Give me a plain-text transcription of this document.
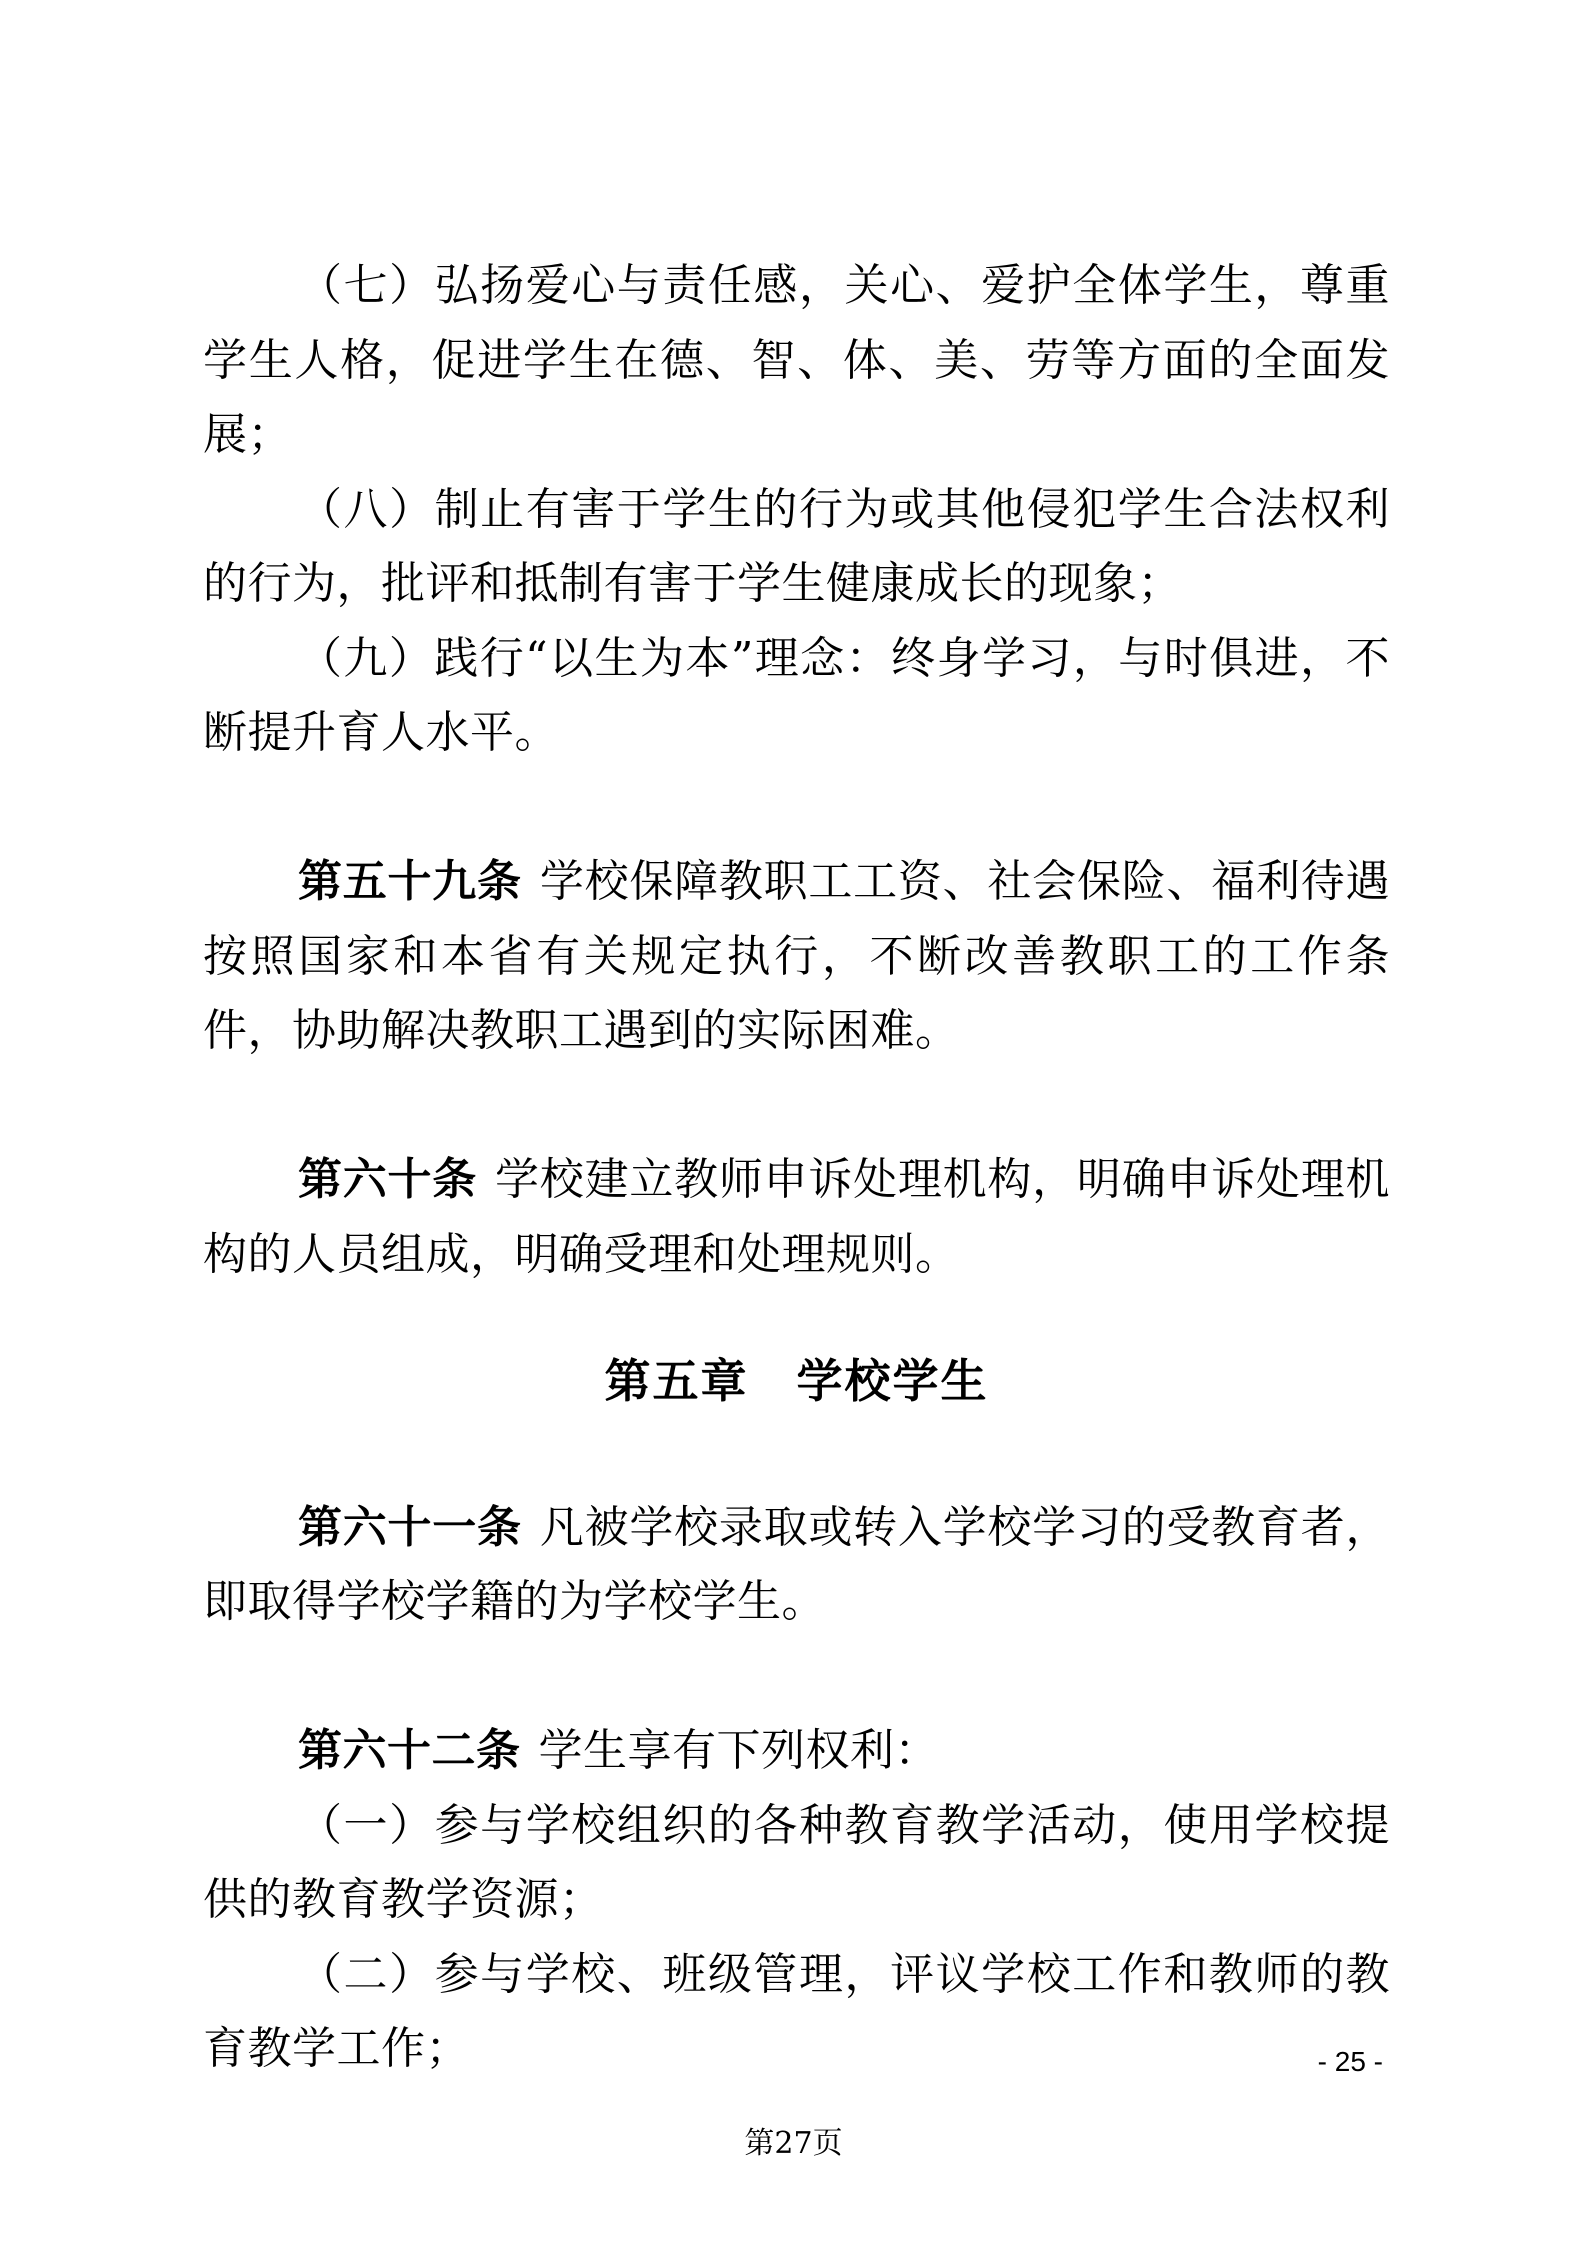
（七）弘扬爱心与责任感，关心、爱护全体学生，尊重学生人格，促进学生在德、智、体、美、劳等方面的全面发展；

（八）制止有害于学生的行为或其他侵犯学生合法权利的行为，批评和抵制有害于学生健康成长的现象；

（九）践行“以生为本”理念：终身学习，与时俱进，不断提升育人水平。

第五十九条 学校保障教职工工资、社会保险、福利待遇按照国家和本省有关规定执行，不断改善教职工的工作条件，协助解决教职工遇到的实际困难。

第六十条 学校建立教师申诉处理机构，明确申诉处理机构的人员组成，明确受理和处理规则。

第五章　学校学生

第六十一条 凡被学校录取或转入学校学习的受教育者，即取得学校学籍的为学校学生。

第六十二条 学生享有下列权利：

（一）参与学校组织的各种教育教学活动，使用学校提供的教育教学资源；

（二）参与学校、班级管理，评议学校工作和教师的教育教学工作；	- 25 -
第27页
